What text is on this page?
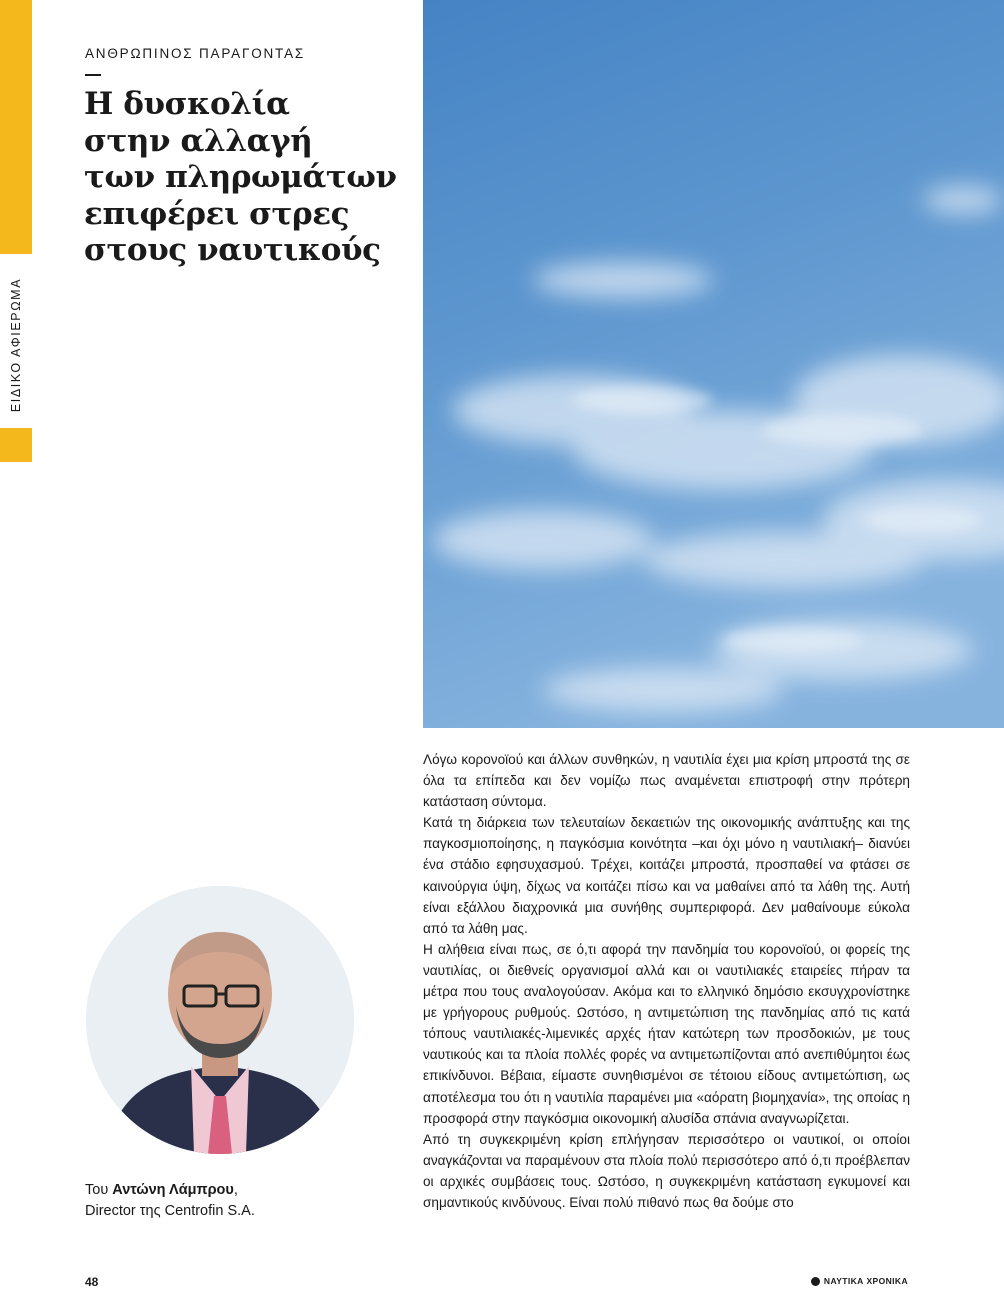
ΕΙΔΙΚΟ ΑΦΙΕΡΩΜΑ
ΑΝΘΡΩΠΙΝΟΣ ΠΑΡΑΓΟΝΤΑΣ
Η δυσκολία
στην αλλαγή
των πληρωμάτων
επιφέρει στρες
στους ναυτικούς
Του Αντώνη Λάμπρου,
Director της Centrofin S.A.

Λόγω κορονοϊού και άλλων συνθηκών, η ναυτιλία έχει μια κρίση μπροστά της σε όλα τα επίπεδα και δεν νομίζω πως αναμένεται επιστροφή στην πρότερη κατάσταση σύντομα.

Κατά τη διάρκεια των τελευταίων δεκαετιών της οικονομικής ανάπτυξης και της παγκοσμιοποίησης, η παγκόσμια κοινότητα –και όχι μόνο η ναυτιλιακή– διανύει ένα στάδιο εφησυχασμού. Τρέχει, κοιτάζει μπροστά, προσπαθεί να φτάσει σε καινούργια ύψη, δίχως να κοιτάζει πίσω και να μαθαίνει από τα λάθη της. Αυτή είναι εξάλλου διαχρονικά μια συνήθης συμπεριφορά. Δεν μαθαίνουμε εύκολα από τα λάθη μας.

Η αλήθεια είναι πως, σε ό,τι αφορά την πανδημία του κορονοϊού, οι φορείς της ναυτιλίας, οι διεθνείς οργανισμοί αλλά και οι ναυτιλιακές εταιρείες πήραν τα μέτρα που τους αναλογούσαν. Ακόμα και το ελληνικό δημόσιο εκσυγχρονίστηκε με γρήγορους ρυθμούς. Ωστόσο, η αντιμετώπιση της πανδημίας από τις κατά τόπους ναυτιλιακές-λιμενικές αρχές ήταν κατώτερη των προσδοκιών, με τους ναυτικούς και τα πλοία πολλές φορές να αντιμετωπίζονται από ανεπιθύμητοι έως επικίνδυνοι. Βέβαια, είμαστε συνηθισμένοι σε τέτοιου είδους αντιμετώπιση, ως αποτέλεσμα του ότι η ναυτιλία παραμένει μια «αόρατη βιομηχανία», της οποίας η προσφορά στην παγκόσμια οικονομική αλυσίδα σπάνια αναγνωρίζεται.

Από τη συγκεκριμένη κρίση επλήγησαν περισσότερο οι ναυτικοί, οι οποίοι αναγκάζονται να παραμένουν στα πλοία πολύ περισσότερο από ό,τι προέβλεπαν οι αρχικές συμβάσεις τους. Ωστόσο, η συγκεκριμένη κατάσταση εγκυμονεί και σημαντικούς κινδύνους. Είναι πολύ πιθανό πως θα δούμε στο

48	ΝΑΥΤΙΚΑ ΧΡΟΝΙΚΑ
